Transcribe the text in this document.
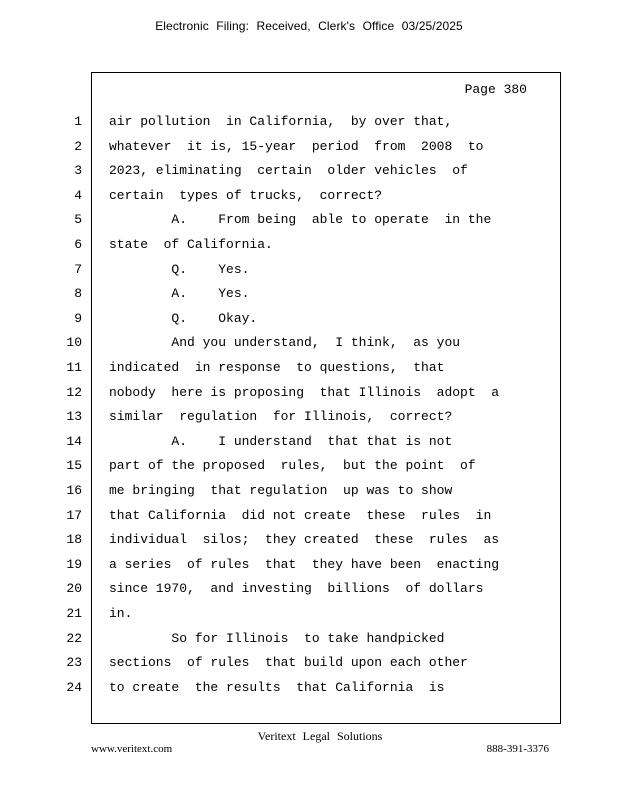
Electronic Filing: Received, Clerk's Office 03/25/2025
Page 380
1 air pollution  in California,  by over that,
2 whatever  it is, 15-year  period  from  2008  to
3 2023, eliminating  certain  older vehicles  of
4 certain  types of trucks,  correct?
5 A.    From being  able to operate  in the
6 state  of California.
7 Q.    Yes.
8 A.    Yes.
9 Q.    Okay.
10 And you understand,  I think,  as you
11 indicated  in response  to questions,  that
12 nobody  here is proposing  that Illinois  adopt  a
13 similar  regulation  for Illinois,  correct?
14 A.    I understand  that that is not
15 part of the proposed  rules,  but the point  of
16 me bringing  that regulation  up was to show
17 that California  did not create  these  rules  in
18 individual  silos;  they created  these  rules  as
19 a series  of rules  that  they have been  enacting
20 since 1970,  and investing  billions  of dollars
21 in.
22 So for Illinois  to take handpicked
23 sections  of rules  that build upon each other
24 to create  the results  that California  is
Veritext Legal Solutions
www.veritext.com	888-391-3376
